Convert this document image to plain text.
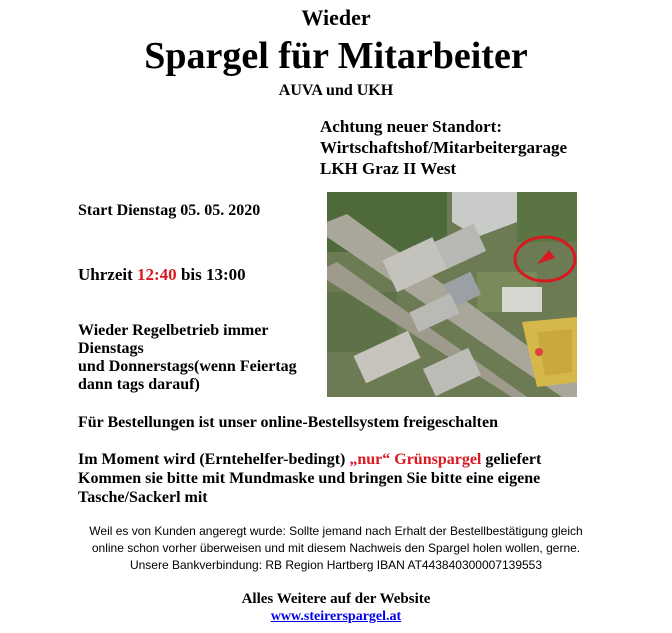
Wieder
Spargel für Mitarbeiter
AUVA und UKH
Achtung neuer Standort:
Wirtschaftshof/Mitarbeitergarage
LKH Graz II West
Start Dienstag 05. 05. 2020
Uhrzeit 12:40 bis 13:00
Wieder Regelbetrieb immer
Dienstags
und Donnerstags(wenn Feiertag
dann tags darauf)
Für Bestellungen ist unser online-Bestellsystem freigeschalten
Im Moment wird (Erntehelfer-bedingt) „nur“ Grünspargel geliefert
Kommen sie bitte mit Mundmaske und bringen Sie bitte eine eigene
Tasche/Sackerl mit
Weil es von Kunden angeregt wurde: Sollte jemand nach Erhalt der Bestellbestätigung gleich
online schon vorher überweisen und mit diesem Nachweis den Spargel holen wollen, gerne.
Unsere Bankverbindung: RB Region Hartberg IBAN AT443840300007139553
Alles Weitere auf der Website
www.steirerspargel.at
